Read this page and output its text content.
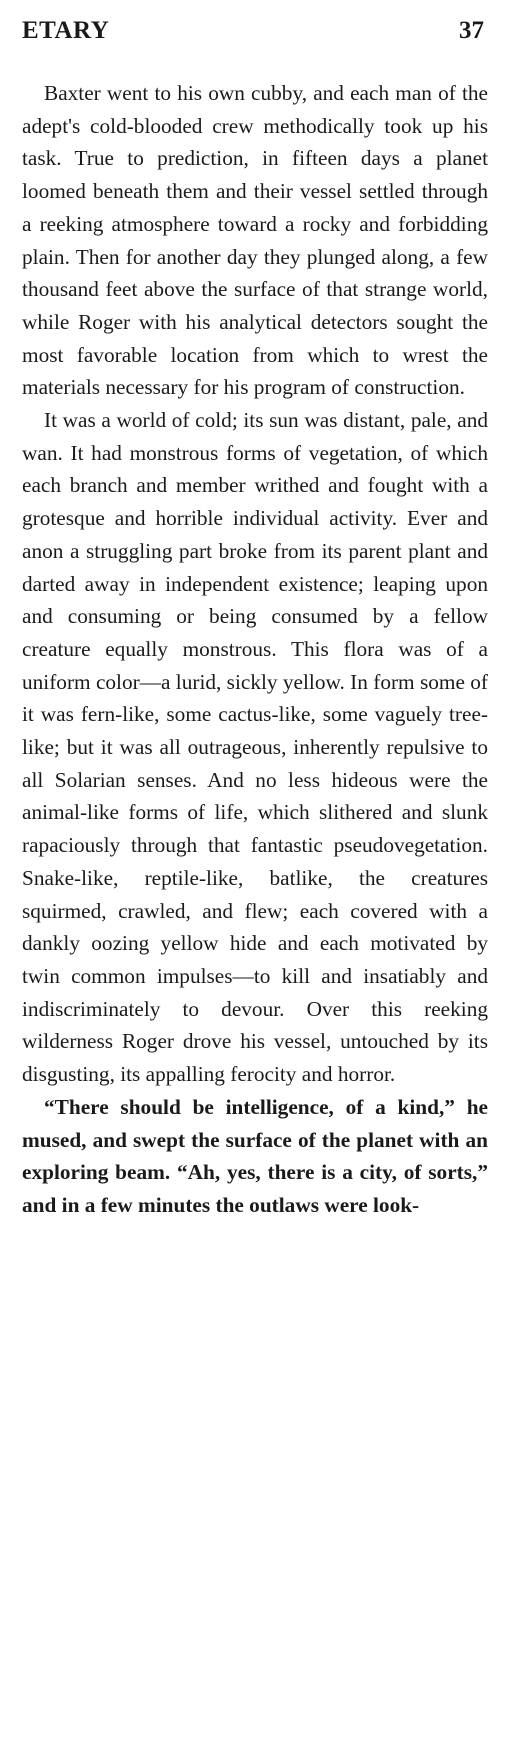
ETARY	37

Baxter went to his own cubby, and each man of the adept's cold-blooded crew methodically took up his task. True to prediction, in fifteen days a planet loomed beneath them and their vessel settled through a reeking atmosphere toward a rocky and forbidding plain. Then for another day they plunged along, a few thousand feet above the surface of that strange world, while Roger with his analytical detectors sought the most favorable location from which to wrest the materials necessary for his program of construction.

It was a world of cold; its sun was distant, pale, and wan. It had monstrous forms of vegetation, of which each branch and member writhed and fought with a grotesque and horrible individual activity. Ever and anon a struggling part broke from its parent plant and darted away in independent existence; leaping upon and consuming or being consumed by a fellow creature equally monstrous. This flora was of a uniform color—a lurid, sickly yellow. In form some of it was fern-like, some cactus-like, some vaguely tree-like; but it was all outrageous, inherently repulsive to all Solarian senses. And no less hideous were the animal-like forms of life, which slithered and slunk rapaciously through that fantastic pseudovegetation. Snake-like, reptile-like, batlike, the creatures squirmed, crawled, and flew; each covered with a dankly oozing yellow hide and each motivated by twin common impulses—to kill and insatiably and indiscriminately to devour. Over this reeking wilderness Roger drove his vessel, untouched by its disgusting, its appalling ferocity and horror.

“There should be intelligence, of a kind,” he mused, and swept the surface of the planet with an exploring beam. “Ah, yes, there is a city, of sorts,” and in a few minutes the outlaws were look-
